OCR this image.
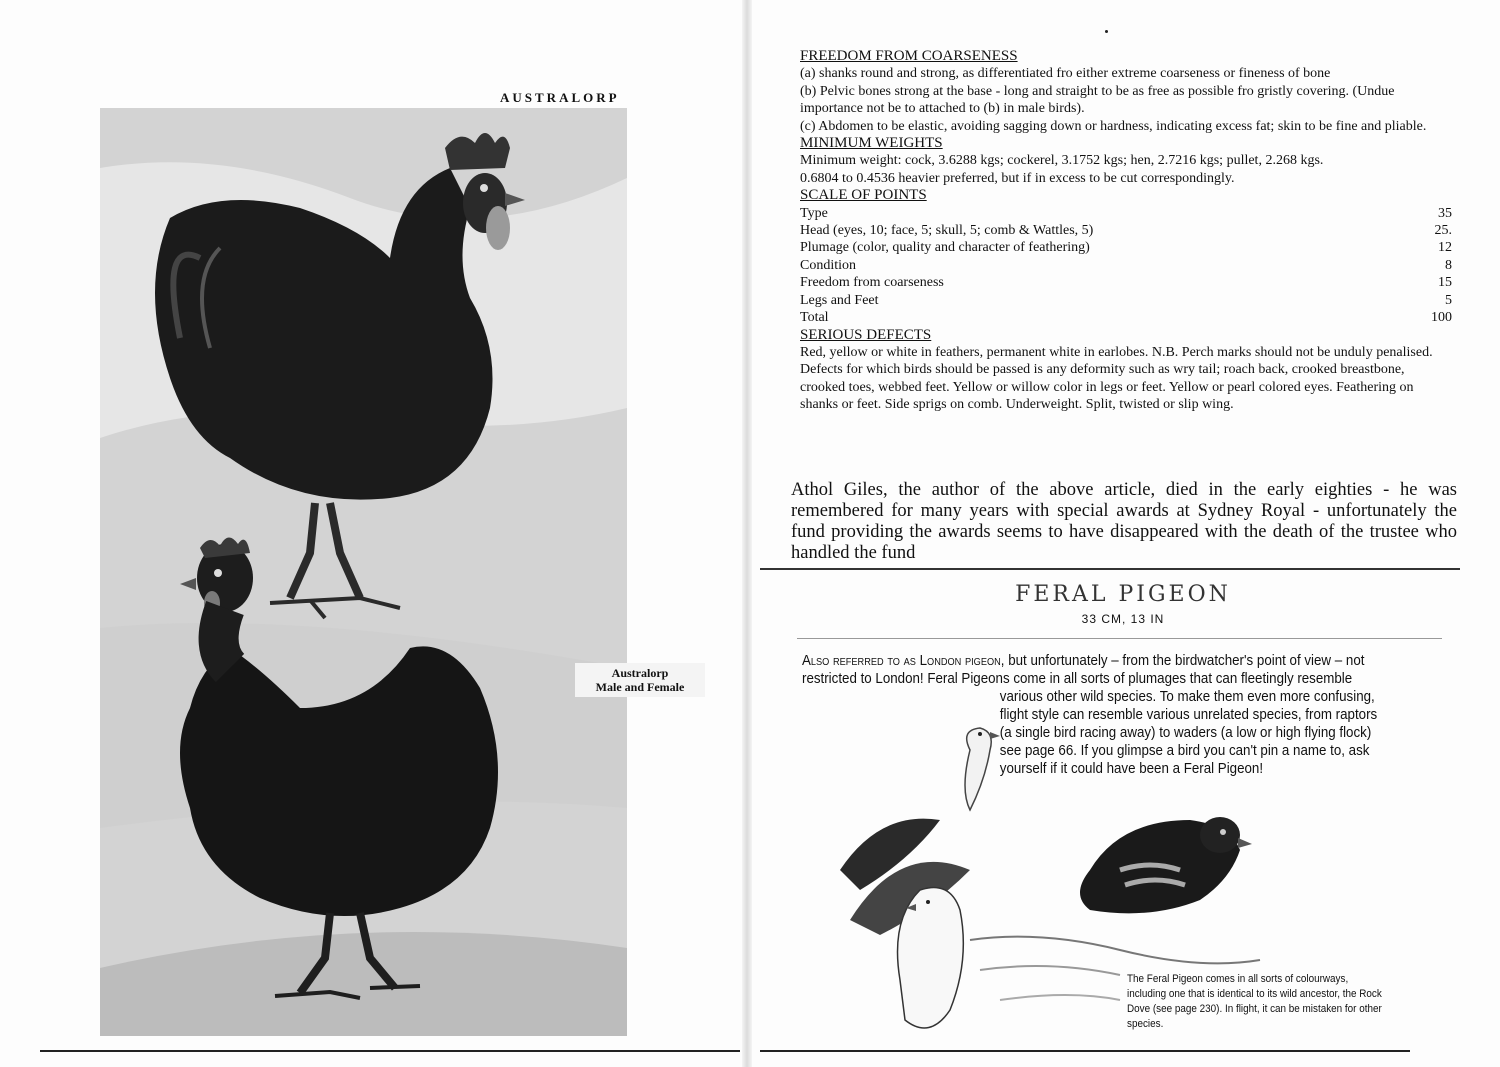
AUSTRALORP
Australorp
Male and Female
FREEDOM FROM COARSENESS
(a) shanks round and strong, as differentiated fro either extreme coarseness or fineness of bone
(b) Pelvic bones strong at the base - long and straight to be as free as possible fro gristly covering. (Undue importance not be to attached to (b) in male birds).
(c) Abdomen to be elastic, avoiding sagging down or hardness, indicating excess fat; skin to be fine and pliable.
MINIMUM WEIGHTS
Minimum weight: cock, 3.6288 kgs; cockerel, 3.1752 kgs; hen, 2.7216 kgs; pullet, 2.268 kgs.
0.6804 to 0.4536 heavier preferred, but if in excess to be cut correspondingly.
SCALE OF POINTS
Type	35
Head (eyes, 10; face, 5; skull, 5; comb & Wattles, 5)	25.
Plumage (color, quality and character of feathering)	12
Condition	8
Freedom from coarseness	15
Legs and Feet	5
Total	100
SERIOUS DEFECTS
Red, yellow or white in feathers, permanent white in earlobes. N.B. Perch marks should not be unduly penalised.
Defects for which birds should be passed is any deformity such as wry tail; roach back, crooked breastbone, crooked toes, webbed feet. Yellow or willow color in legs or feet. Yellow or pearl colored eyes. Feathering on shanks or feet. Side sprigs on comb. Underweight. Split, twisted or slip wing.
Athol Giles, the author of the above article, died in the early eighties - he was remembered for many years with special awards at Sydney Royal - unfortunately the fund providing the awards seems to have disappeared with the death of the trustee who handled the fund
FERAL PIGEON
33 CM, 13 IN
Also referred to as London pigeon, but unfortunately – from the birdwatcher's point of view – not restricted to London! Feral Pigeons come in all sorts of plumages that can fleetingly resemble
various other wild species. To make them even more confusing, flight style can resemble various unrelated species, from raptors (a single bird racing away) to waders (a low or high flying flock) see page 66. If you glimpse a bird you can't pin a name to, ask yourself if it could have been a Feral Pigeon!
The Feral Pigeon comes in all sorts of colourways, including one that is identical to its wild ancestor, the Rock Dove (see page 230). In flight, it can be mistaken for other species.
